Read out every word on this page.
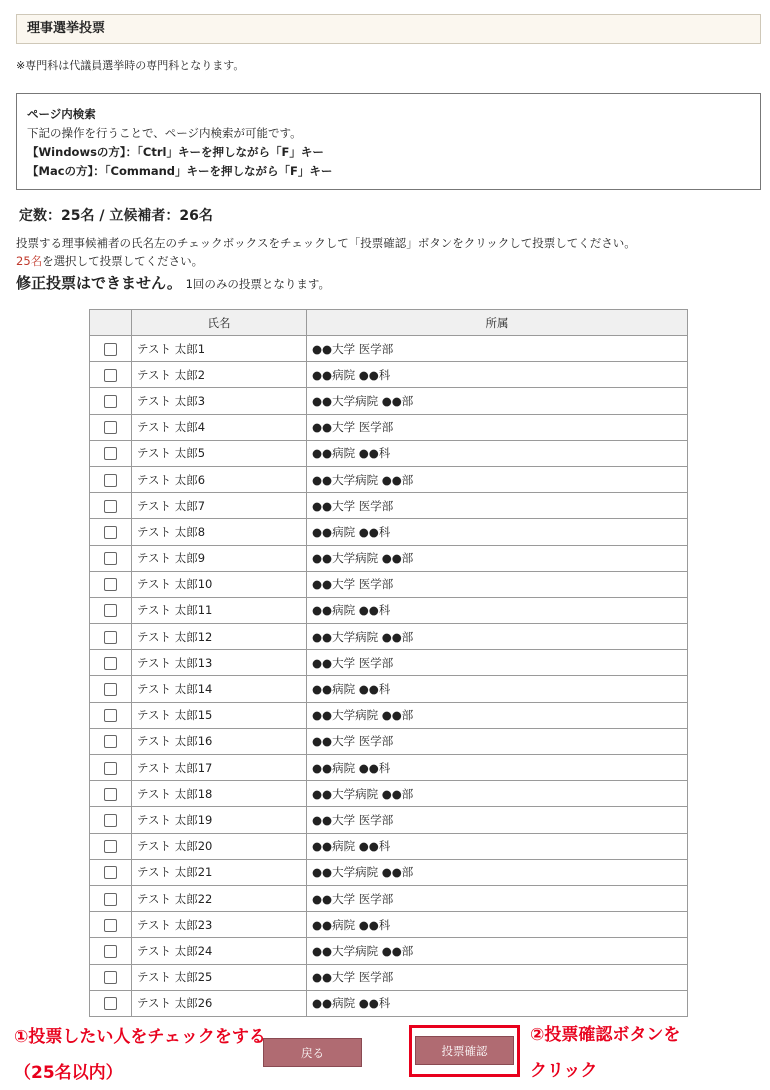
理事選挙投票
※専門科は代議員選挙時の専門科となります。
ページ内検索
下記の操作を行うことで、ページ内検索が可能です。
【Windowsの方】：「Ctrl」キーを押しながら「F」キー
【Macの方】：「Command」キーを押しながら「F」キー
定数：25名 / 立候補者：26名
投票する理事候補者の氏名左のチェックボックスをチェックして「投票確認」ボタンをクリックして投票してください。
25名を選択して投票してください。
修正投票はできません。 1回のみの投票となります。
	氏名	所属
	テスト 太郎1	●●大学 医学部
	テスト 太郎2	●●病院 ●●科
	テスト 太郎3	●●大学病院 ●●部
	テスト 太郎4	●●大学 医学部
	テスト 太郎5	●●病院 ●●科
	テスト 太郎6	●●大学病院 ●●部
	テスト 太郎7	●●大学 医学部
	テスト 太郎8	●●病院 ●●科
	テスト 太郎9	●●大学病院 ●●部
	テスト 太郎10	●●大学 医学部
	テスト 太郎11	●●病院 ●●科
	テスト 太郎12	●●大学病院 ●●部
	テスト 太郎13	●●大学 医学部
	テスト 太郎14	●●病院 ●●科
	テスト 太郎15	●●大学病院 ●●部
	テスト 太郎16	●●大学 医学部
	テスト 太郎17	●●病院 ●●科
	テスト 太郎18	●●大学病院 ●●部
	テスト 太郎19	●●大学 医学部
	テスト 太郎20	●●病院 ●●科
	テスト 太郎21	●●大学病院 ●●部
	テスト 太郎22	●●大学 医学部
	テスト 太郎23	●●病院 ●●科
	テスト 太郎24	●●大学病院 ●●部
	テスト 太郎25	●●大学 医学部
	テスト 太郎26	●●病院 ●●科
戻る	投票確認
①投票したい人をチェックをする
（25名以内）
②投票確認ボタンを
クリック
